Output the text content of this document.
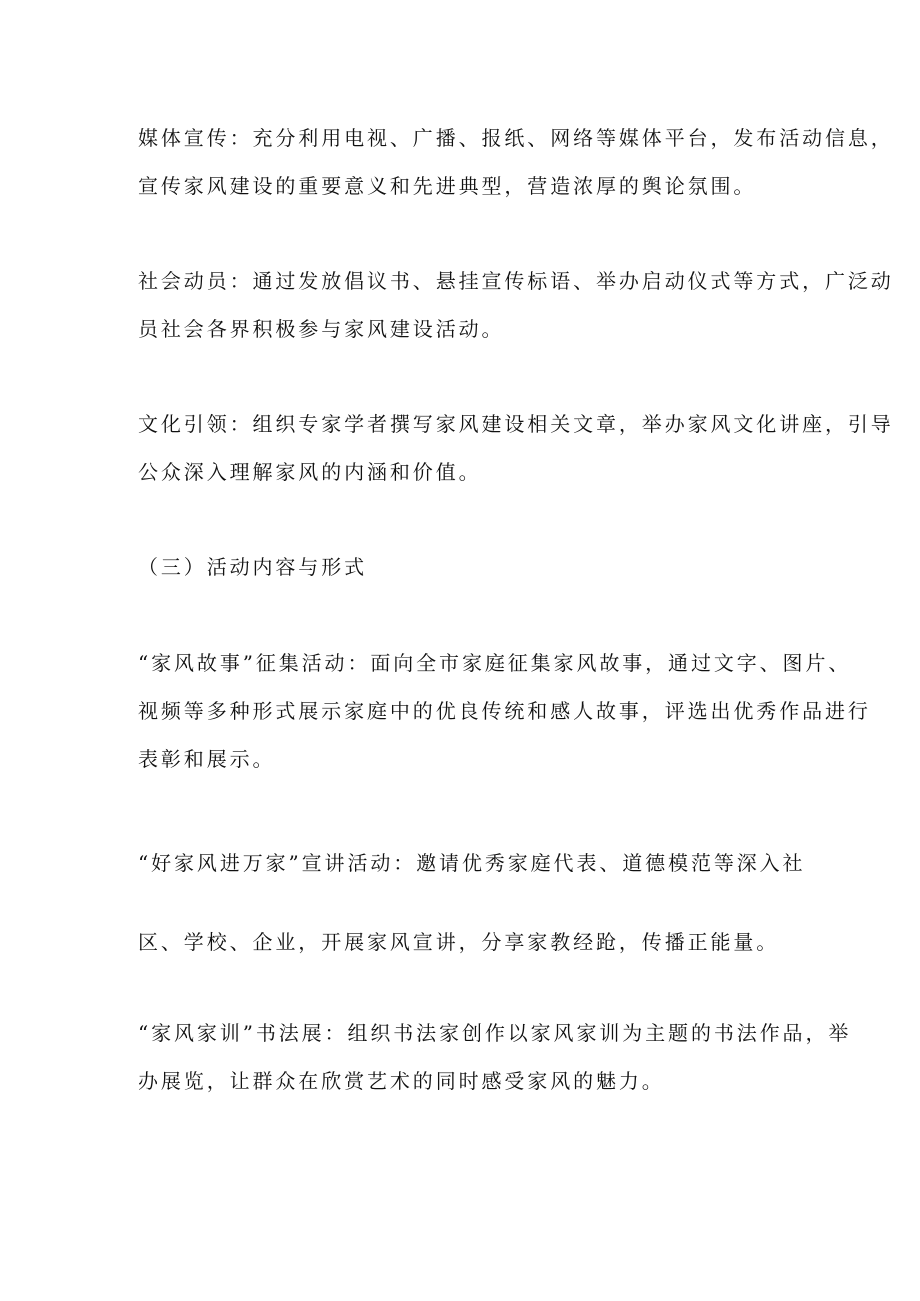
媒体宣传：充分利用电视、广播、报纸、网络等媒体平台，发布活动信息，
宣传家风建设的重要意义和先进典型，营造浓厚的舆论氛围。
社会动员：通过发放倡议书、悬挂宣传标语、举办启动仪式等方式，广泛动
员社会各界积极参与家风建设活动。
文化引领：组织专家学者撰写家风建设相关文章，举办家风文化讲座，引导
公众深入理解家风的内涵和价值。
（三）活动内容与形式
“家风故事”征集活动：面向全市家庭征集家风故事，通过文字、图片、
视频等多种形式展示家庭中的优良传统和感人故事，评选出优秀作品进行
表彰和展示。
“好家风进万家”宣讲活动：邀请优秀家庭代表、道德模范等深入社
区、学校、企业，开展家风宣讲，分享家教经跄，传播正能量。
“家风家训”书法展：组织书法家创作以家风家训为主题的书法作品，举
办展览，让群众在欣赏艺术的同时感受家风的魅力。
